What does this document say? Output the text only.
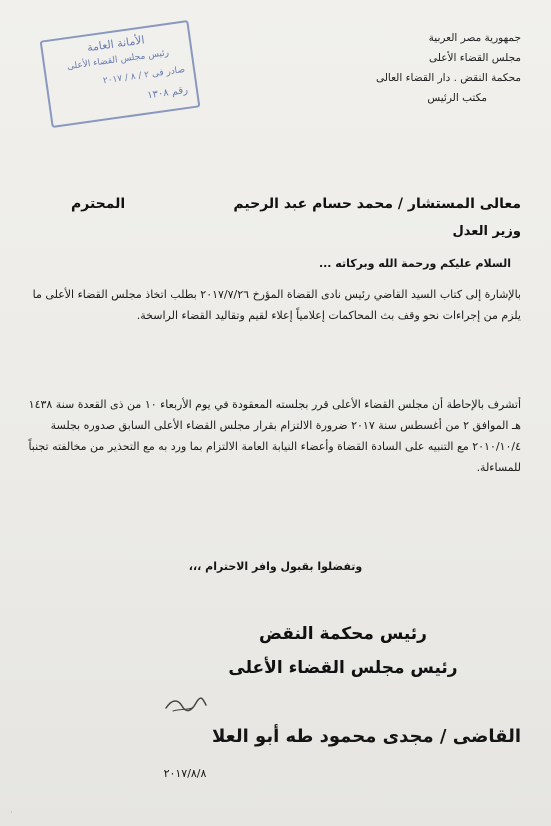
جمهورية مصر العربية
مجلس القضاء الأعلى
محكمة النقض . دار القضاء العالى
مكتب الرئيس
الأمانة العامة
رئيس مجلس القضاء الأعلى
صادر فى ٢ / ٨ / ٢٠١٧
رقم ١٣٠٨
معالى المستشار / محمد حسام عبد الرحيم
المحترم
وزير العدل
السلام عليكم ورحمة الله وبركاته ...

بالإشارة إلى كتاب السيد القاضي رئيس نادى القضاة المؤرخ ٢٠١٧/٧/٢٦ بطلب اتخاذ مجلس القضاء الأعلى ما يلزم من إجراءات نحو وقف بث المحاكمات إعلامياً إعلاء لقيم وتقاليد القضاء الراسخة.

أتشرف بالإحاطة أن مجلس القضاء الأعلى قرر بجلسته المعقودة في يوم الأربعاء ١٠ من ذى القعدة سنة ١٤٣٨ هـ الموافق ٢ من أغسطس سنة ٢٠١٧ ضرورة الالتزام بقرار مجلس القضاء الأعلى السابق صدوره بجلسة ٢٠١٠/١٠/٤ مع التنبيه على السادة القضاة وأعضاء النيابة العامة الالتزام بما ورد به مع التحذير من مخالفته تجنباً للمساءلة.

وتفضلوا بقبول وافر الاحترام ،،،

رئيس محكمة النقض

رئيس مجلس القضاء الأعلى

القاضى / مجدى محمود طه أبو العلا
٢٠١٧/٨/٨
·
